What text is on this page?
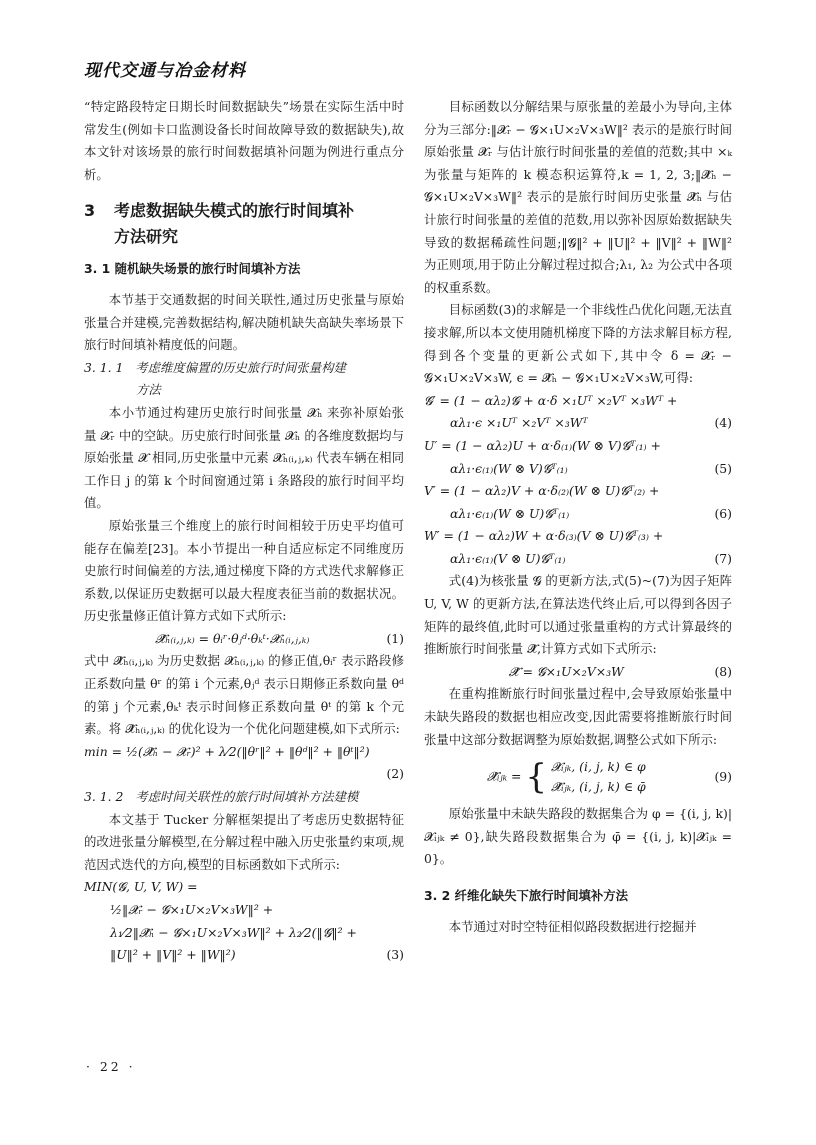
现代交通与冶金材料

“特定路段特定日期长时间数据缺失”场景在实际生活中时常发生(例如卡口监测设备长时间故障导致的数据缺失),故本文针对该场景的旅行时间数据填补问题为例进行重点分析。

3 考虑数据缺失模式的旅行时间填补
方法研究
3. 1 随机缺失场景的旅行时间填补方法

本节基于交通数据的时间关联性,通过历史张量与原始张量合并建模,完善数据结构,解决随机缺失高缺失率场景下旅行时间填补精度低的问题。

3. 1. 1 考虑维度偏置的历史旅行时间张量构建
方法

本小节通过构建历史旅行时间张量 𝓧ₕ 来弥补原始张量 𝓧ᵣ 中的空缺。历史旅行时间张量 𝓧ₕ 的各维度数据均与原始张量 𝓧 相同,历史张量中元素 𝓧ₕ₍ᵢ,ⱼ,ₖ₎ 代表车辆在相同工作日 j 的第 k 个时间窗通过第 i 条路段的旅行时间平均值。

原始张量三个维度上的旅行时间相较于历史平均值可能存在偏差[23]。本小节提出一种自适应标定不同维度历史旅行时间偏差的方法,通过梯度下降的方式迭代求解修正系数,以保证历史数据可以最大程度表征当前的数据状况。历史张量修正值计算方式如下式所示:

𝓧̂ₕ₍ᵢ,ⱼ,ₖ₎ = θᵢʳ·θⱼᵈ·θₖᵗ·𝓧ₕ₍ᵢ,ⱼ,ₖ₎	(1)

式中 𝓧̂ₕ₍ᵢ,ⱼ,ₖ₎ 为历史数据 𝓧ₕ₍ᵢ,ⱼ,ₖ₎ 的修正值,θᵢʳ 表示路段修正系数向量 θʳ 的第 i 个元素,θⱼᵈ 表示日期修正系数向量 θᵈ 的第 j 个元素,θₖᵗ 表示时间修正系数向量 θᵗ 的第 k 个元素。将 𝓧̂ₕ₍ᵢ,ⱼ,ₖ₎ 的优化设为一个优化问题建模,如下式所示:

min = ½(𝓧̂ₕ − 𝓧ᵣ)² + λ⁄2(‖θʳ‖² + ‖θᵈ‖² + ‖θᵗ‖²)
(2)
3. 1. 2 考虑时间关联性的旅行时间填补方法建模

本文基于 Tucker 分解框架提出了考虑历史数据特征的改进张量分解模型,在分解过程中融入历史张量约束项,规范因式迭代的方向,模型的目标函数如下式所示:

MIN(𝓖, U, V, W) =
½‖𝓧ᵣ − 𝓖×₁U×₂V×₃W‖² +
λ₁⁄2‖𝓧̂ₕ − 𝓖×₁U×₂V×₃W‖² + λ₂⁄2(‖𝓖‖² +
‖U‖² + ‖V‖² + ‖W‖²)	(3)

目标函数以分解结果与原张量的差最小为导向,主体分为三部分:‖𝓧ᵣ − 𝓖×₁U×₂V×₃W‖² 表示的是旅行时间原始张量 𝓧ᵣ 与估计旅行时间张量的差值的范数;其中 ×ₖ 为张量与矩阵的 k 模态积运算符,k = 1, 2, 3;‖𝓧̂ₕ − 𝓖×₁U×₂V×₃W‖² 表示的是旅行时间历史张量 𝓧̂ₕ 与估计旅行时间张量的差值的范数,用以弥补因原始数据缺失导致的数据稀疏性问题;‖𝓖‖² + ‖U‖² + ‖V‖² + ‖W‖² 为正则项,用于防止分解过程过拟合;λ₁, λ₂ 为公式中各项的权重系数。

目标函数(3)的求解是一个非线性凸优化问题,无法直接求解,所以本文使用随机梯度下降的方法求解目标方程,得到各个变量的更新公式如下,其中令 δ = 𝓧ᵣ − 𝓖×₁U×₂V×₃W, ϵ = 𝓧̂ₕ − 𝓖×₁U×₂V×₃W,可得:

𝓖′ = (1 − αλ₂)𝓖 + α·δ ×₁Uᵀ ×₂Vᵀ ×₃Wᵀ +
αλ₁·ϵ ×₁Uᵀ ×₂Vᵀ ×₃Wᵀ	(4)
U′ = (1 − αλ₂)U + α·δ₍₁₎(W ⊗ V)𝓖ᵀ₍₁₎ +
αλ₁·ϵ₍₁₎(W ⊗ V)𝓖ᵀ₍₁₎	(5)
V′ = (1 − αλ₂)V + α·δ₍₂₎(W ⊗ U)𝓖ᵀ₍₂₎ +
αλ₁·ϵ₍₁₎(W ⊗ U)𝓖ᵀ₍₁₎	(6)
W′ = (1 − αλ₂)W + α·δ₍₃₎(V ⊗ U)𝓖ᵀ₍₃₎ +
αλ₁·ϵ₍₁₎(V ⊗ U)𝓖ᵀ₍₁₎	(7)

式(4)为核张量 𝓖 的更新方法,式(5)~(7)为因子矩阵 U, V, W 的更新方法,在算法迭代终止后,可以得到各因子矩阵的最终值,此时可以通过张量重构的方式计算最终的推断旅行时间张量 𝓧̂,计算方式如下式所示:

𝓧̂ = 𝓖×₁U×₂V×₃W	(8)

在重构推断旅行时间张量过程中,会导致原始张量中未缺失路段的数据也相应改变,因此需要将推断旅行时间张量中这部分数据调整为原始数据,调整公式如下所示:

𝓧̂ᵢⱼₖ = { 𝓧ᵢⱼₖ, (i, j, k) ∈ φ
𝓧̂ᵢⱼₖ, (i, j, k) ∈ φ̄
(9)

原始张量中未缺失路段的数据集合为 φ = {(i, j, k)|𝓧ᵢⱼₖ ≠ 0},缺失路段数据集合为 φ̄ = {(i, j, k)|𝓧ᵢⱼₖ = 0}。

3. 2 纤维化缺失下旅行时间填补方法

本节通过对时空特征相似路段数据进行挖掘并

· 22 ·
